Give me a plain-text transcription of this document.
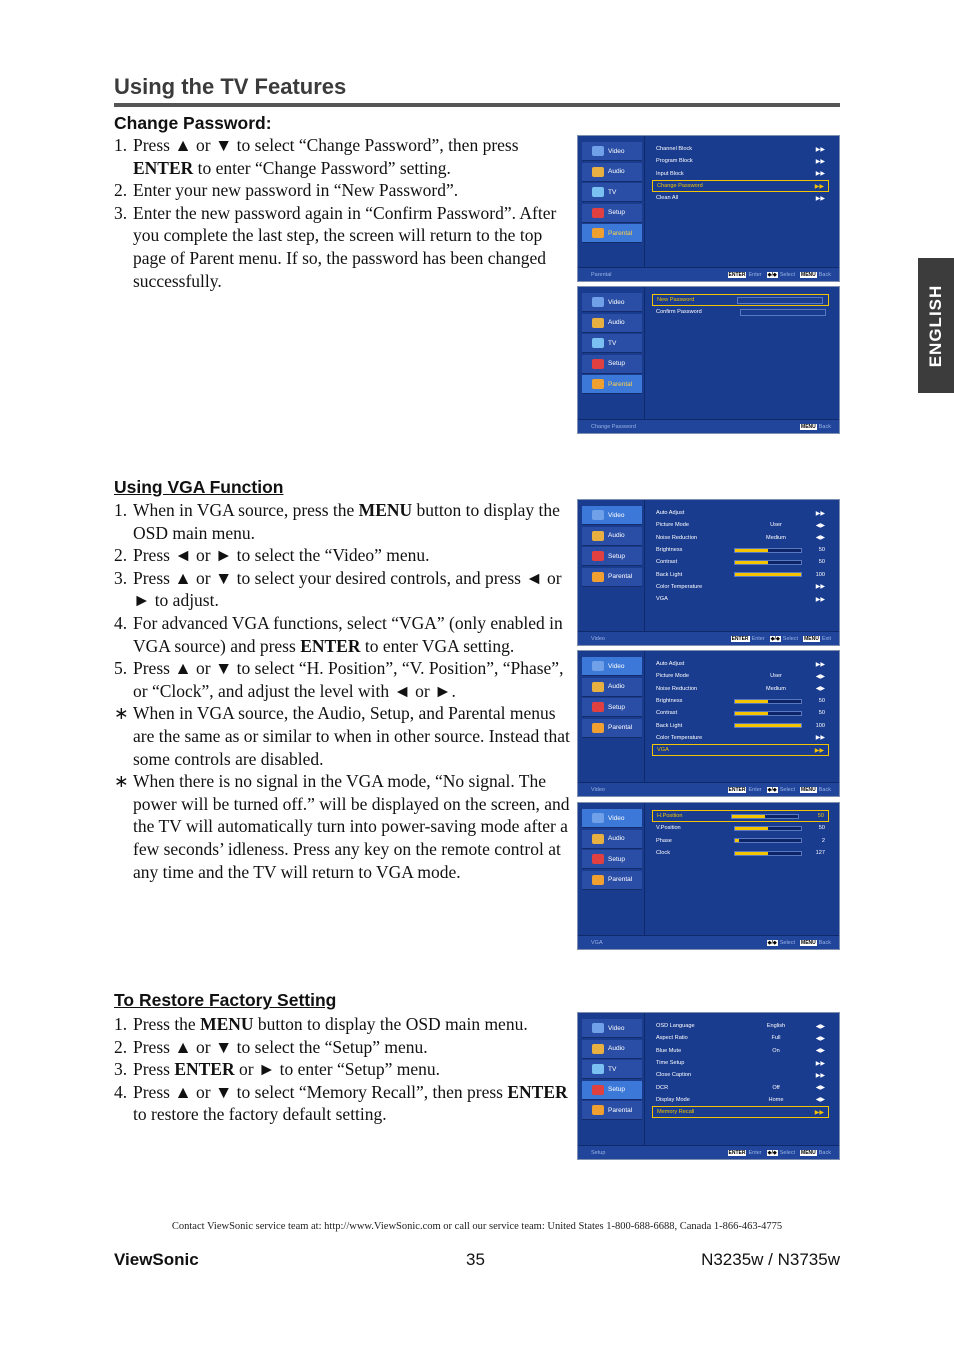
Using the TV Features
ENGLISH
Change Password:
1. Press ▲ or ▼ to select “Change Password”, then press ENTER to enter “Change Password” setting.
2. Enter your new password in “New Password”.
3. Enter the new password again in “Confirm Password”. After you complete the last step, the screen will return to the top page of Parent menu. If so, the password has been changed successfully.
Using VGA Function
1. When in VGA source, press the MENU button to display the OSD main menu.
2. Press ◄ or ► to select the “Video” menu.
3. Press ▲ or ▼ to select your desired controls, and press ◄ or ► to adjust.
4. For advanced VGA functions, select “VGA” (only enabled in VGA source) and press ENTER to enter VGA setting.
5. Press ▲ or ▼ to select “H. Position”, “V. Position”, “Phase”, or “Clock”, and adjust the level with ◄ or ►.
∗ When in VGA source, the Audio, Setup, and Parental menus are the same as or similar to when in other source. Instead that some controls are disabled.
∗ When there is no signal in the VGA mode, “No signal. The power will be turned off.” will be displayed on the screen, and the TV will automatically turn into power-saving mode after a few seconds’ idleness. Press any key on the remote control at any time and the TV will return to VGA mode.
To Restore Factory Setting
1. Press the MENU button to display the OSD main menu.
2. Press ▲ or ▼ to select the “Setup” menu.
3. Press ENTER or ► to enter “Setup” menu.
4. Press ▲ or ▼ to select “Memory Recall”, then press ENTER to restore the factory default setting.
Video
Audio
TV
Setup
Parental
Channel Block	▶▶
Program Block	▶▶
Input Block	▶▶
Change Password	▶▶
Clean All	▶▶
Parental	ENTER Enter ◆/◆ Select MENU Back
Video
Audio
TV
Setup
Parental
New Password
Confirm Password
Change Password	MENU Back
Video
Audio
Setup
Parental
Auto Adjust	▶▶
Picture Mode	User	◀▶
Noise Reduction	Medium	◀▶
Brightness	50
Contrast	50
Back Light	100
Color Temperature	▶▶
VGA	▶▶
Video	ENTER Enter ◆/◆ Select MENU Exit
Video
Audio
Setup
Parental
Auto Adjust	▶▶
Picture Mode	User	◀▶
Noise Reduction	Medium	◀▶
Brightness	50
Contrast	50
Back Light	100
Color Temperature	▶▶
VGA	▶▶
Video	ENTER Enter ◆/◆ Select MENU Back
Video
Audio
Setup
Parental
H.Position	50
V.Position	50
Phase	2
Clock	127
VGA	◆/◆ Select MENU Back
Video
Audio
TV
Setup
Parental
OSD Language	English	◀▶
Aspect Ratio	Full	◀▶
Blue Mute	On	◀▶
Time Setup	▶▶
Close Caption	▶▶
DCR	Off	◀▶
Display Mode	Home	◀▶
Memory Recall	▶▶
Setup	ENTER Enter ◆/◆ Select MENU Back
Contact ViewSonic service team at: http://www.ViewSonic.com or call our service team: United States 1-800-688-6688, Canada 1-866-463-4775
ViewSonic	35	N3235w / N3735w
